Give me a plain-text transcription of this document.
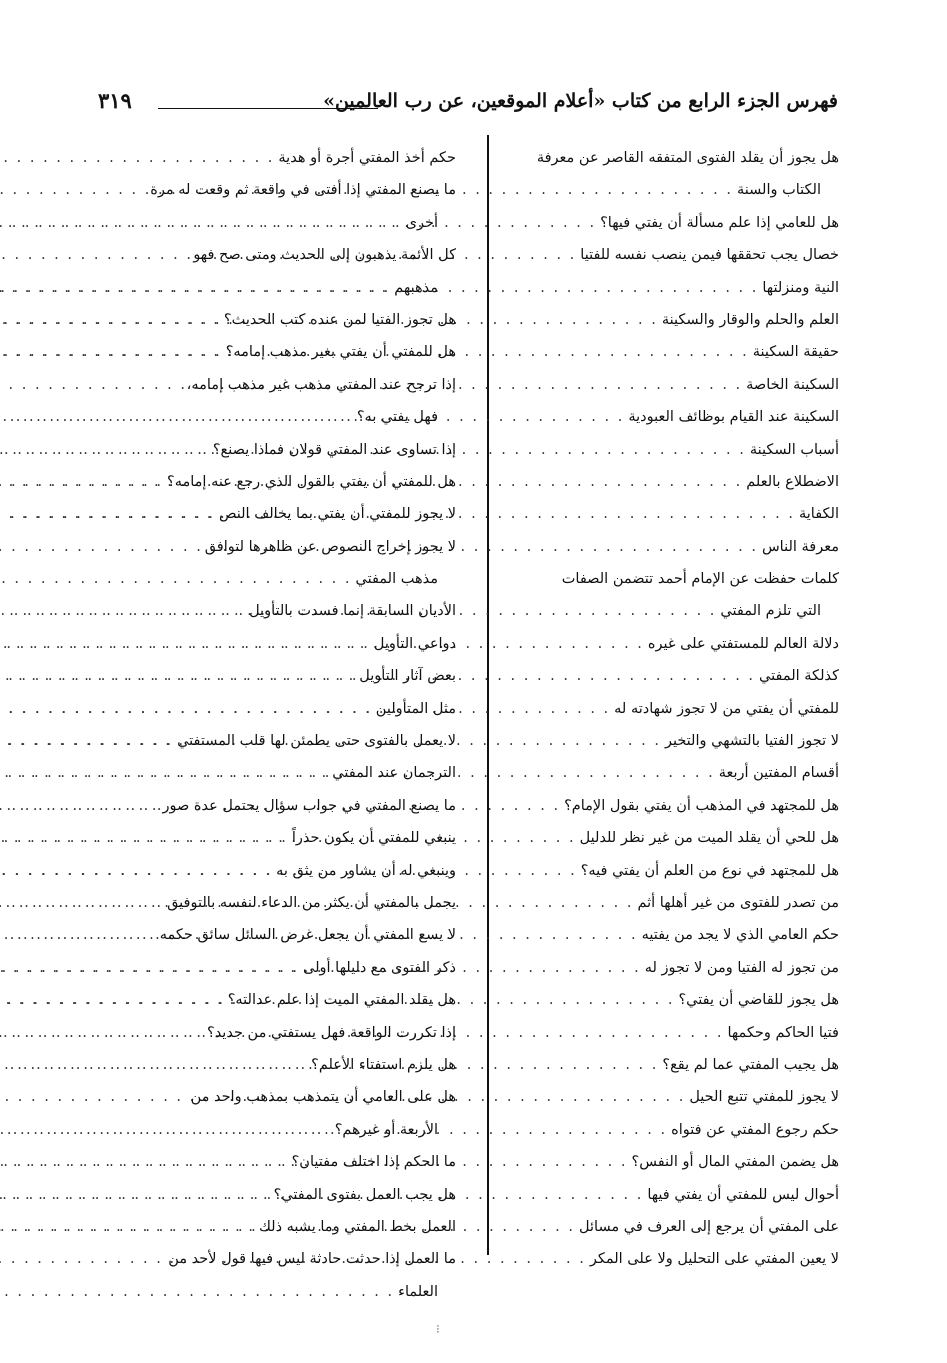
فهرس الجزء الرابع من كتاب «أعلام الموقعين، عن رب العالمين»
٣١٩
هل يجوز أن يقلد الفتوى المتفقه القاصر عن معرفة
الكتاب والسنة
. . .
هل للعامي إذا علم مسألة أن يفتي فيها؟
. . .
خصال يجب تحققها فيمن ينصب نفسه للفتيا
. . .
النية ومنزلتها
. . .
العلم والحلم والوقار والسكينة
. . .
حقيقة السكينة
. . .
السكينة الخاصة
. . .
السكينة عند القيام بوظائف العبودية
. . .
أسباب السكينة
. . .
الاضطلاع بالعلم
. . .
الكفاية
. . .
معرفة الناس
. . .
كلمات حفظت عن الإمام أحمد تتضمن الصفات
التي تلزم المفتي
. . .
دلالة العالم للمستفتي على غيره
. . .
كذلكة المفتي
. . .
للمفتي أن يفتي من لا تجوز شهادته له
. . .
لا تجوز الفتيا بالتشهي والتخير
. . .
أقسام المفتين أربعة
. . .
هل للمجتهد في المذهب أن يفتي بقول الإمام؟
. . .
هل للحي أن يقلد الميت من غير نظر للدليل
. . .
هل للمجتهد في نوع من العلم أن يفتي فيه؟
. . .
من تصدر للفتوى من غير أهلها أثم
. . .
حكم العامي الذي لا يجد من يفتيه
. . .
من تجوز له الفتيا ومن لا تجوز له
. . .
هل يجوز للقاضي أن يفتي؟
. . .
فتيا الحاكم وحكمها
. . .
هل يجيب المفتي عما لم يقع؟
. . .
لا يجوز للمفتي تتبع الحيل
. . .
حكم رجوع المفتي عن فتواه
. . .
هل يضمن المفتي المال أو النفس؟
. . .
أحوال ليس للمفتي أن يفتي فيها
. . .
على المفتي أن يرجع إلى العرف في مسائل
. . .
لا يعين المفتي على التحليل ولا على المكر
. . .
حكم أخذ المفتي أجرة أو هدية
. . .
ما يصنع المفتي إذا أفتى في واقعة ثم وقعت له مرة
أخرى
. . .
كل الأئمة يذهبون إلى الحديث ومتى صح فهو
مذهبهم
. . .
هل تجوز الفتيا لمن عنده كتب الحديث؟
. . .
هل للمفتي أن يفتي بغير مذهب إمامه؟
. . .
إذا ترجح عند المفتي مذهب غير مذهب إمامه،
فهل يفتي به؟
. . .
إذا تساوى عند المفتي قولان فماذا يصنع؟
. . .
هل للمفتي أن يفتي بالقول الذي رجع عنه إمامه؟
. . .
لا يجوز للمفتي أن يفتي بما يخالف النص
. . .
لا يجوز إخراج النصوص عن ظاهرها لتوافق
مذهب المفتي
. . .
الأديان السابقة إنما فسدت بالتأويل
. . .
دواعي التأويل
. . .
بعض آثار التأويل
. . .
مثل المتأولين
. . .
لا يعمل بالفتوى حتى يطمئن لها قلب المستفتي
. . .
الترجمان عند المفتي
. . .
ما يصنع المفتي في جواب سؤال يحتمل عدة صور
. . .
ينبغي للمفتي أن يكون حذراً
. . .
وينبغي له أن يشاور من يثق به
. . .
يجمل بالمفتي أن يكثر من الدعاء لنفسه بالتوفيق
. . .
لا يسع المفتي أن يجعل غرض السائل سائق حكمه
. . .
ذكر الفتوى مع دليلها أولى
. . .
هل يقلد المفتي الميت إذا علم عدالته؟
. . .
إذا تكررت الواقعة فهل يستفتي من جديد؟
. . .
هل يلزم استفتاء الأعلم؟
. . .
هل على العامي أن يتمذهب بمذهب واحد من
الأربعة أو غيرهم؟
. . .
ما الحكم إذا اختلف مفتيان؟
. . .
هل يجب العمل بفتوى المفتي؟
. . .
العمل بخط المفتي وما يشبه ذلك
. . .
ما العمل إذا حدثت حادثة ليس فيها قول لأحد من
العلماء
. . .
⁝
